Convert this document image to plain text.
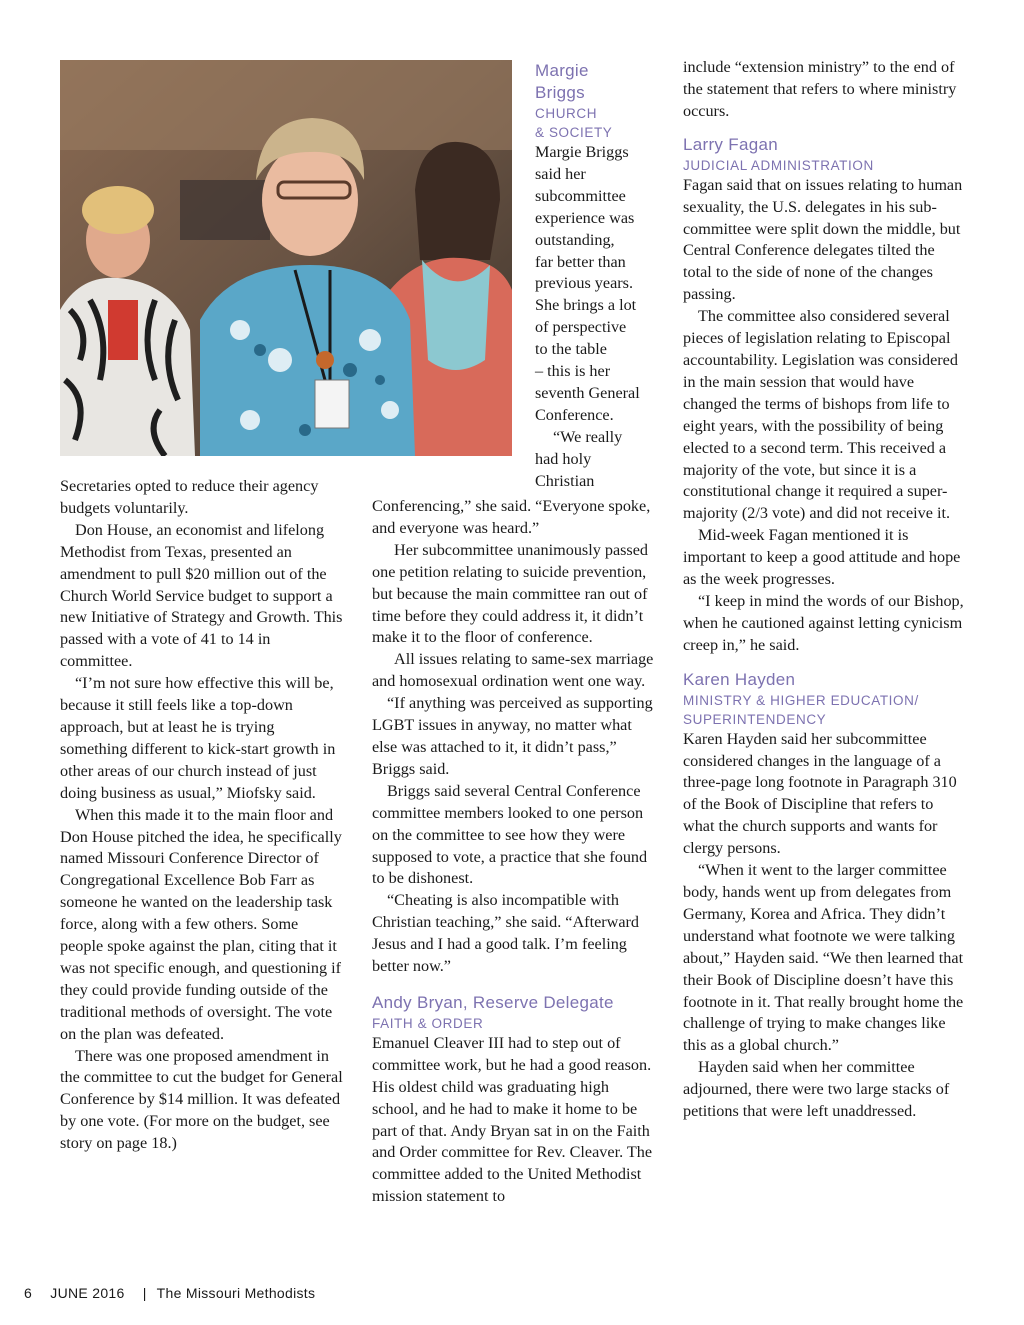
Secretaries opted to reduce their agency budgets voluntarily.

Don House, an economist and lifelong Methodist from Texas, presented an amendment to pull $20 million out of the Church World Service budget to support a new Initiative of Strategy and Growth. This passed with a vote of 41 to 14 in committee.

“I’m not sure how effective this will be, because it still feels like a top-down approach, but at least he is trying something different to kick-start growth in other areas of our church instead of just doing business as usual,” Miofsky said.

When this made it to the main floor and Don House pitched the idea, he specifically named Missouri Conference Director of Congregational Excellence Bob Farr as someone he wanted on the leadership task force, along with a few others. Some people spoke against the plan, citing that it was not specific enough, and questioning if they could provide funding outside of the traditional methods of oversight. The vote on the plan was defeated.

There was one proposed amendment in the committee to cut the budget for General Conference by $14 million. It was defeated by one vote. (For more on the budget, see story on page 18.)

Margie
Briggs
CHURCH
& SOCIETY
Margie Briggs
said her
subcommittee
experience was
outstanding,
far better than
previous years.
She brings a lot
of perspective
to the table
– this is her
seventh General
Conference.
“We really
had holy
Christian

Conferencing,” she said. “Everyone spoke, and everyone was heard.”

Her subcommittee unanimously passed one petition relating to suicide prevention, but because the main committee ran out of time before they could address it, it didn’t make it to the floor of conference.

All issues relating to same-sex marriage and homosexual ordination went one way.

“If anything was perceived as supporting LGBT issues in anyway, no matter what else was attached to it, it didn’t pass,” Briggs said.

Briggs said several Central Conference committee members looked to one person on the committee to see how they were supposed to vote, a practice that she found to be dishonest.

“Cheating is also incompatible with Christian teaching,” she said. “Afterward Jesus and I had a good talk. I’m feeling better now.”

Andy Bryan, Reserve Delegate
FAITH & ORDER

Emanuel Cleaver III had to step out of committee work, but he had a good reason. His oldest child was graduating high school, and he had to make it home to be part of that. Andy Bryan sat in on the Faith and Order committee for Rev. Cleaver. The committee added to the United Methodist mission statement to

include “extension ministry” to the end of the statement that refers to where ministry occurs.

Larry Fagan
JUDICIAL ADMINISTRATION

Fagan said that on issues relating to human sexuality, the U.S. delegates in his sub-committee were split down the middle, but Central Conference delegates tilted the total to the side of none of the changes passing.

The committee also considered several pieces of legislation relating to Episcopal accountability. Legislation was considered in the main session that would have changed the terms of bishops from life to eight years, with the possibility of being elected to a second term. This received a majority of the vote, but since it is a constitutional change it required a super-majority (2/3 vote) and did not receive it.

Mid-week Fagan mentioned it is important to keep a good attitude and hope as the week progresses.

“I keep in mind the words of our Bishop, when he cautioned against letting cynicism creep in,” he said.

Karen Hayden
MINISTRY & HIGHER EDUCATION/
SUPERINTENDENCY

Karen Hayden said her subcommittee considered changes in the language of a three-page long footnote in Paragraph 310 of the Book of Discipline that refers to what the church supports and wants for clergy persons.

“When it went to the larger committee body, hands went up from delegates from Germany, Korea and Africa. They didn’t understand what footnote we were talking about,” Hayden said. “We then learned that their Book of Discipline doesn’t have this footnote in it. That really brought home the challenge of trying to make changes like this as a global church.”

Hayden said when her committee adjourned, there were two large stacks of petitions that were left unaddressed.

6 JUNE 2016 | The Missouri Methodists
